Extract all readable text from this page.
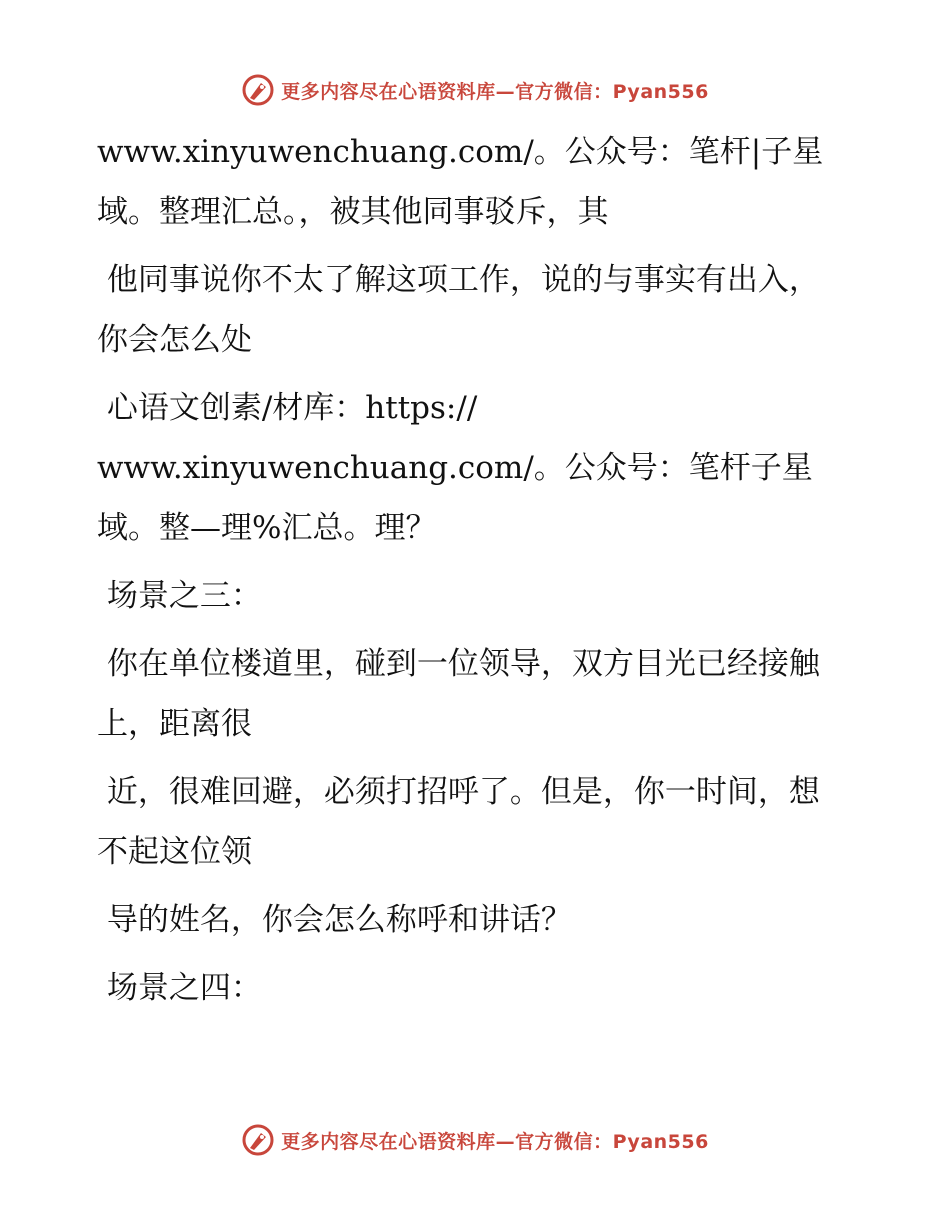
更多内容尽在心语资料库—官方微信：Pyan556

www.xinyuwenchuang.com/。公众号：笔杆|子星域。整理汇总。，被其他同事驳斥，其

他同事说你不太了解这项工作，说的与事实有出入，你会怎么处

心语文创素/材库：https://

www.xinyuwenchuang.com/。公众号：笔杆子星域。整—理%汇总。理？

场景之三：

你在单位楼道里，碰到一位领导，双方目光已经接触上，距离很

近，很难回避，必须打招呼了。但是，你一时间，想不起这位领

导的姓名，你会怎么称呼和讲话？

场景之四：

更多内容尽在心语资料库—官方微信：Pyan556
